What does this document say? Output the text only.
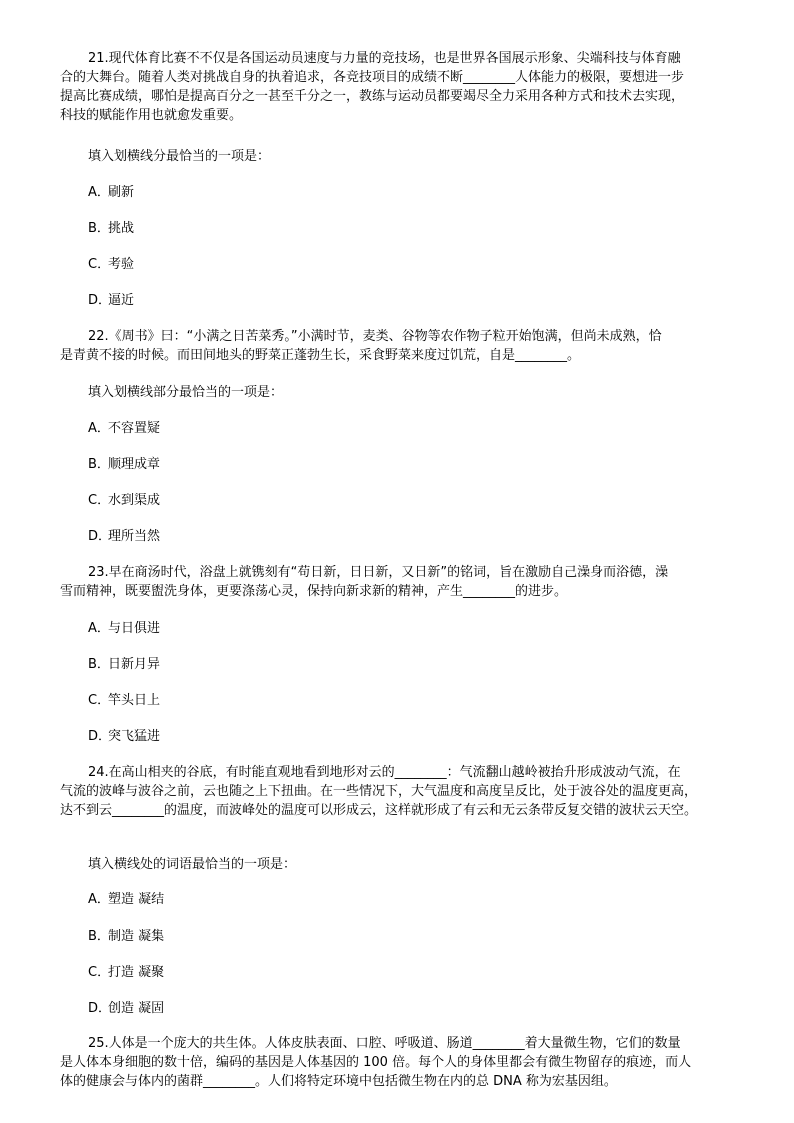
21.现代体育比赛不不仅是各国运动员速度与力量的竞技场，也是世界各国展示形象、尖端科技与体育融
合的大舞台。随着人类对挑战自身的执着追求，各竞技项目的成绩不断________人体能力的极限，要想进一步
提高比赛成绩，哪怕是提高百分之一甚至千分之一，教练与运动员都要竭尽全力采用各种方式和技术去实现，
科技的赋能作用也就愈发重要。

填入划横线分最恰当的一项是：

A．刷新

B．挑战

C．考验

D．逼近

22.《周书》曰：“小满之日苦菜秀。”小满时节，麦类、谷物等农作物子粒开始饱满，但尚未成熟，恰
是青黄不接的时候。而田间地头的野菜正蓬勃生长，采食野菜来度过饥荒，自是________。

填入划横线部分最恰当的一项是：

A．不容置疑

B．顺理成章

C．水到渠成

D．理所当然

23.早在商汤时代，浴盘上就镌刻有“苟日新，日日新，又日新”的铭词，旨在激励自己澡身而浴德，澡
雪而精神，既要盥洗身体，更要涤荡心灵，保持向新求新的精神，产生________的进步。

A．与日俱进

B．日新月异

C．竿头日上

D．突飞猛进

24.在高山相夹的谷底，有时能直观地看到地形对云的________：气流翻山越岭被抬升形成波动气流，在
气流的波峰与波谷之前，云也随之上下扭曲。在一些情况下，大气温度和高度呈反比，处于波谷处的温度更高，
达不到云________的温度，而波峰处的温度可以形成云，这样就形成了有云和无云条带反复交错的波状云天空。

填入横线处的词语最恰当的一项是：

A．塑造 凝结

B．制造 凝集

C．打造 凝聚

D．创造 凝固

25.人体是一个庞大的共生体。人体皮肤表面、口腔、呼吸道、肠道________着大量微生物，它们的数量
是人体本身细胞的数十倍，编码的基因是人体基因的 100 倍。每个人的身体里都会有微生物留存的痕迹，而人
体的健康会与体内的菌群________。人们将特定环境中包括微生物在内的总 DNA 称为宏基因组。
